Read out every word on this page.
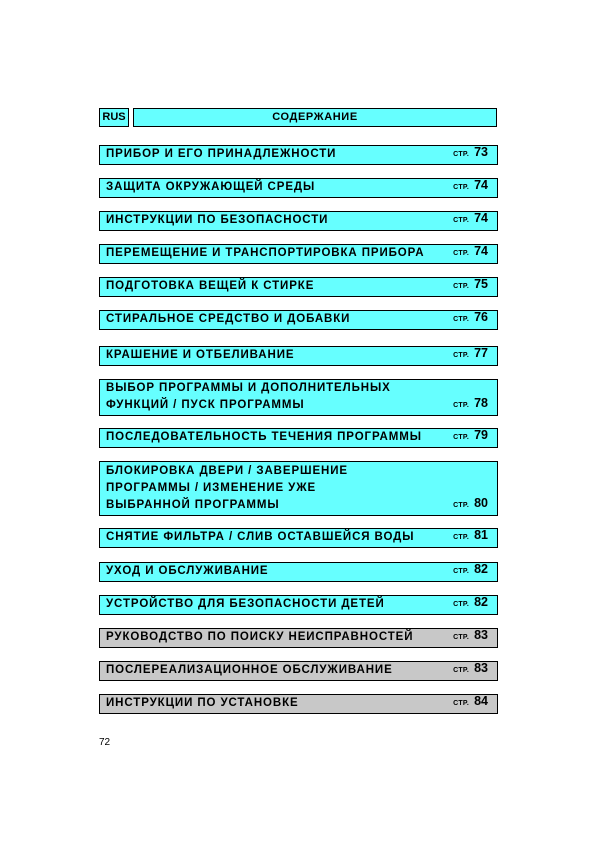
RUS	СОДЕРЖАНИЕ
ПРИБОР И ЕГО ПРИНАДЛЕЖНОСТИ	СТР. 73
ЗАЩИТА ОКРУЖАЮЩЕЙ СРЕДЫ	СТР. 74
ИНСТРУКЦИИ ПО БЕЗОПАСНОСТИ	СТР. 74
ПЕРЕМЕЩЕНИЕ И ТРАНСПОРТИРОВКА ПРИБОРА	СТР. 74
ПОДГОТОВКА ВЕЩЕЙ К СТИРКЕ	СТР. 75
СТИРАЛЬНОЕ СРЕДСТВО И ДОБАВКИ	СТР. 76
КРАШЕНИЕ И ОТБЕЛИВАНИЕ	СТР. 77
ВЫБОР ПРОГРАММЫ И ДОПОЛНИТЕЛЬНЫХ
ФУНКЦИЙ / ПУСК ПРОГРАММЫ	СТР. 78
ПОСЛЕДОВАТЕЛЬНОСТЬ ТЕЧЕНИЯ ПРОГРАММЫ	СТР. 79
БЛОКИРОВКА ДВЕРИ / ЗАВЕРШЕНИЕ
ПРОГРАММЫ / ИЗМЕНЕНИЕ УЖЕ
ВЫБРАННОЙ ПРОГРАММЫ	СТР. 80
СНЯТИЕ ФИЛЬТРА / СЛИВ ОСТАВШЕЙСЯ ВОДЫ	СТР. 81
УХОД И ОБСЛУЖИВАНИЕ	СТР. 82
УСТРОЙСТВО ДЛЯ БЕЗОПАСНОСТИ ДЕТЕЙ	СТР. 82
РУКОВОДСТВО ПО ПОИСКУ НЕИСПРАВНОСТЕЙ	СТР. 83
ПОСЛЕРЕАЛИЗАЦИОННОЕ ОБСЛУЖИВАНИЕ	СТР. 83
ИНСТРУКЦИИ ПО УСТАНОВКЕ	СТР. 84
72
